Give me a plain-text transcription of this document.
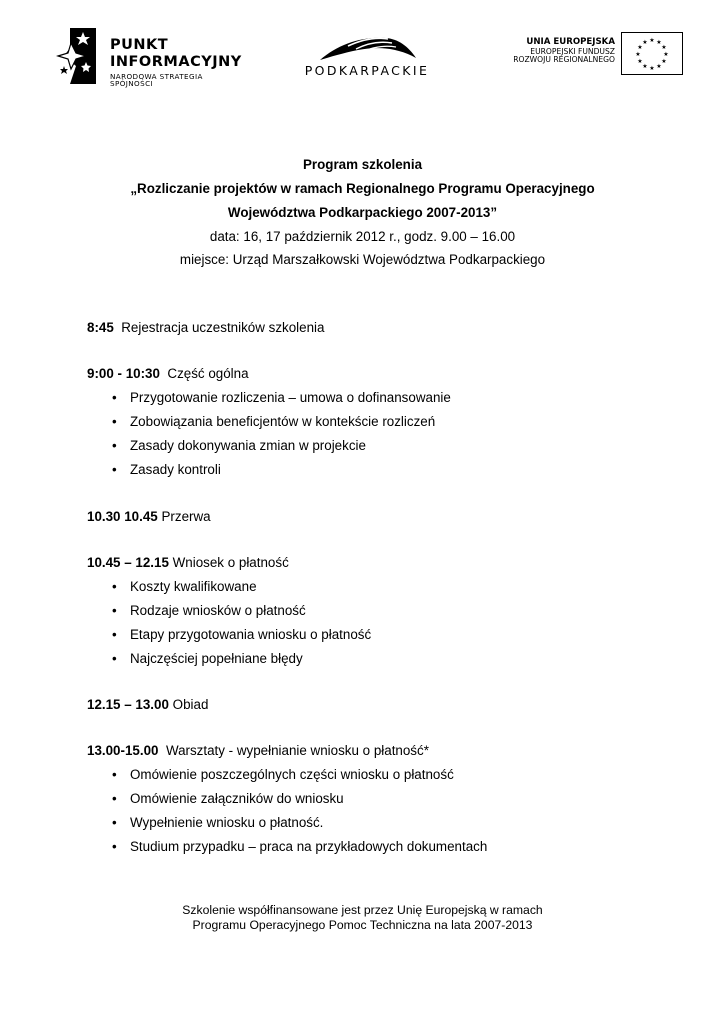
PUNKT
INFORMACYJNY
NARODOWA STRATEGIA SPÓJNOŚCI
PODKARPACKIE
UNIA EUROPEJSKA
EUROPEJSKI FUNDUSZ
ROZWOJU REGIONALNEGO
★ ★
★
★
★
★
★
★
★
★
★
★
Program szkolenia
„Rozliczanie projektów w ramach Regionalnego Programu Operacyjnego
Województwa Podkarpackiego 2007-2013”
data: 16, 17 październik 2012 r., godz. 9.00 – 16.00
miejsce: Urząd Marszałkowski Województwa Podkarpackiego
8:45 Rejestracja uczestników szkolenia
9:00 - 10:30 Część ogólna
• Przygotowanie rozliczenia – umowa o dofinansowanie
• Zobowiązania beneficjentów w kontekście rozliczeń
• Zasady dokonywania zmian w projekcie
• Zasady kontroli
10.30 10.45 Przerwa
10.45 – 12.15 Wniosek o płatność
• Koszty kwalifikowane
• Rodzaje wniosków o płatność
• Etapy przygotowania wniosku o płatność
• Najczęściej popełniane błędy
12.15 – 13.00 Obiad
13.00-15.00 Warsztaty - wypełnianie wniosku o płatność*
• Omówienie poszczególnych części wniosku o płatność
• Omówienie załączników do wniosku
• Wypełnienie wniosku o płatność.
• Studium przypadku – praca na przykładowych dokumentach
Szkolenie współfinansowane jest przez Unię Europejską w ramach
Programu Operacyjnego Pomoc Techniczna na lata 2007-2013
